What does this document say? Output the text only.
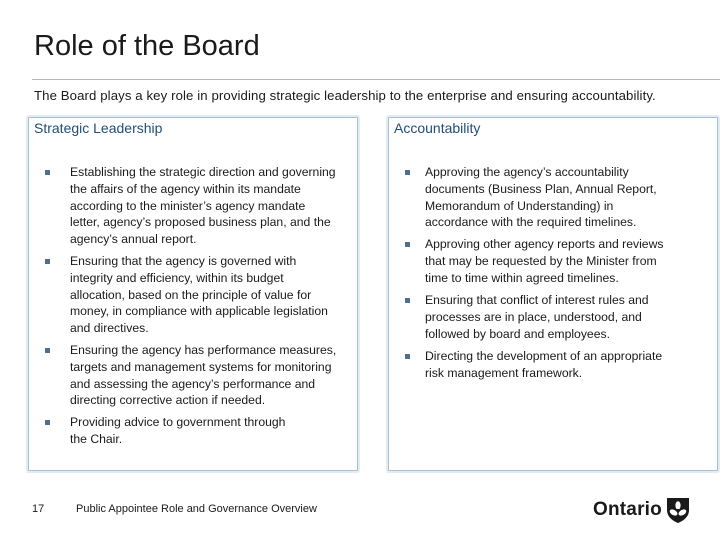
Role of the Board
The Board plays a key role in providing strategic leadership to the enterprise and ensuring accountability.
Strategic Leadership
Establishing the strategic direction and governing
the affairs of the agency within its mandate
according to the minister’s agency mandate
letter, agency’s proposed business plan, and the
agency’s annual report.
Ensuring that the agency is governed with
integrity and efficiency, within its budget
allocation, based on the principle of value for
money, in compliance with applicable legislation
and directives.
Ensuring the agency has performance measures,
targets and management systems for monitoring
and assessing the agency’s performance and
directing corrective action if needed.
Providing advice to government through
the Chair.
Accountability
Approving the agency’s accountability
documents (Business Plan, Annual Report,
Memorandum of Understanding) in
accordance with the required timelines.
Approving other agency reports and reviews
that may be requested by the Minister from
time to time within agreed timelines.
Ensuring that conflict of interest rules and
processes are in place, understood, and
followed by board and employees.
Directing the development of an appropriate
risk management framework.
17	Public Appointee Role and Governance Overview	Ontario
